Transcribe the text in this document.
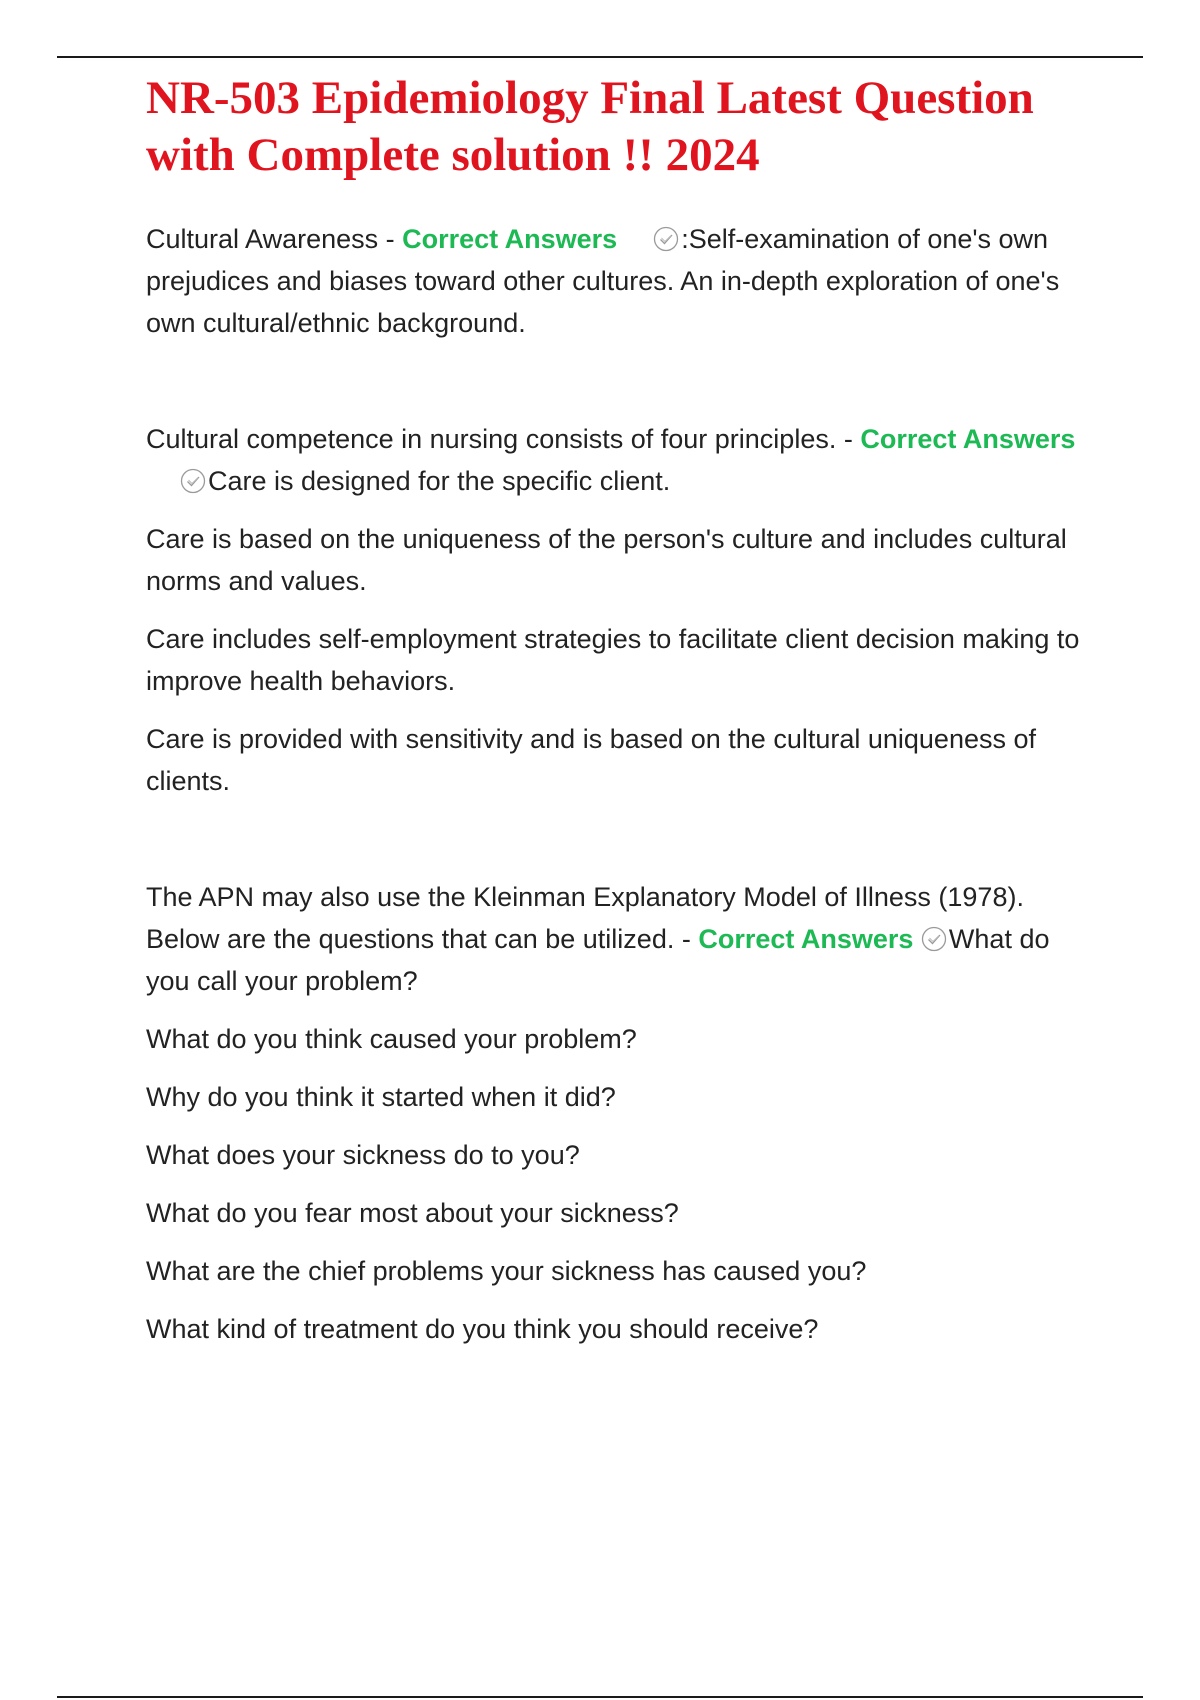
NR-503 Epidemiology Final Latest Question with Complete solution !! 2024

Cultural Awareness - Correct Answers :Self-examination of one's own prejudices and biases toward other cultures. An in-depth exploration of one's own cultural/ethnic background.

Cultural competence in nursing consists of four principles. - Correct Answers
Care is designed for the specific client.

Care is based on the uniqueness of the person's culture and includes cultural norms and values.

Care includes self-employment strategies to facilitate client decision making to improve health behaviors.

Care is provided with sensitivity and is based on the cultural uniqueness of clients.

The APN may also use the Kleinman Explanatory Model of Illness (1978). Below are the questions that can be utilized. - Correct Answers What do you call your problem?

What do you think caused your problem?

Why do you think it started when it did?

What does your sickness do to you?

What do you fear most about your sickness?

What are the chief problems your sickness has caused you?

What kind of treatment do you think you should receive?
